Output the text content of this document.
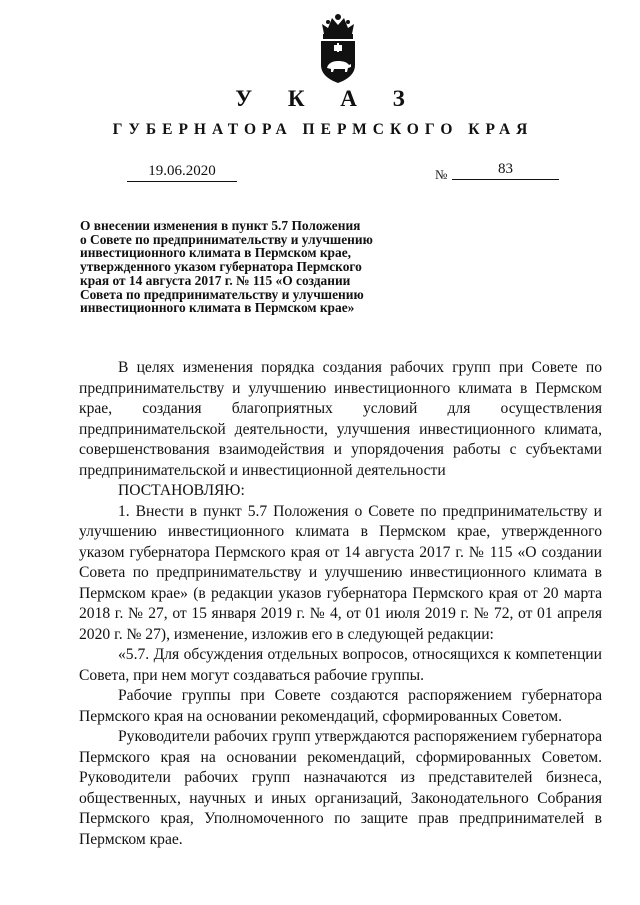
У К А З
ГУБЕРНАТОРА ПЕРМСКОГО КРАЯ
19.06.2020	№	83
О внесении изменения в пункт 5.7 Положения
о Совете по предпринимательству и улучшению
инвестиционного климата в Пермском крае,
утвержденного указом губернатора Пермского
края от 14 августа 2017 г. № 115 «О создании
Совета по предпринимательству и улучшению
инвестиционного климата в Пермском крае»

В целях изменения порядка создания рабочих групп при Совете по предпринимательству и улучшению инвестиционного климата в Пермском крае, создания благоприятных условий для осуществления предпринимательской деятельности, улучшения инвестиционного климата, совершенствования взаимодействия и упорядочения работы с субъектами предпринимательской и инвестиционной деятельности

ПОСТАНОВЛЯЮ:

1. Внести в пункт 5.7 Положения о Совете по предпринимательству и улучшению инвестиционного климата в Пермском крае, утвержденного указом губернатора Пермского края от 14 августа 2017 г. № 115 «О создании Совета по предпринимательству и улучшению инвестиционного климата в Пермском крае» (в редакции указов губернатора Пермского края от 20 марта 2018 г. № 27, от 15 января 2019 г. № 4, от 01 июля 2019 г. № 72, от 01 апреля 2020 г. № 27), изменение, изложив его в следующей редакции:

«5.7. Для обсуждения отдельных вопросов, относящихся к компетенции Совета, при нем могут создаваться рабочие группы.

Рабочие группы при Совете создаются распоряжением губернатора Пермского края на основании рекомендаций, сформированных Советом.

Руководители рабочих групп утверждаются распоряжением губернатора Пермского края на основании рекомендаций, сформированных Советом. Руководители рабочих групп назначаются из представителей бизнеса, общественных, научных и иных организаций, Законодательного Собрания Пермского края, Уполномоченного по защите прав предпринимателей в Пермском крае.
